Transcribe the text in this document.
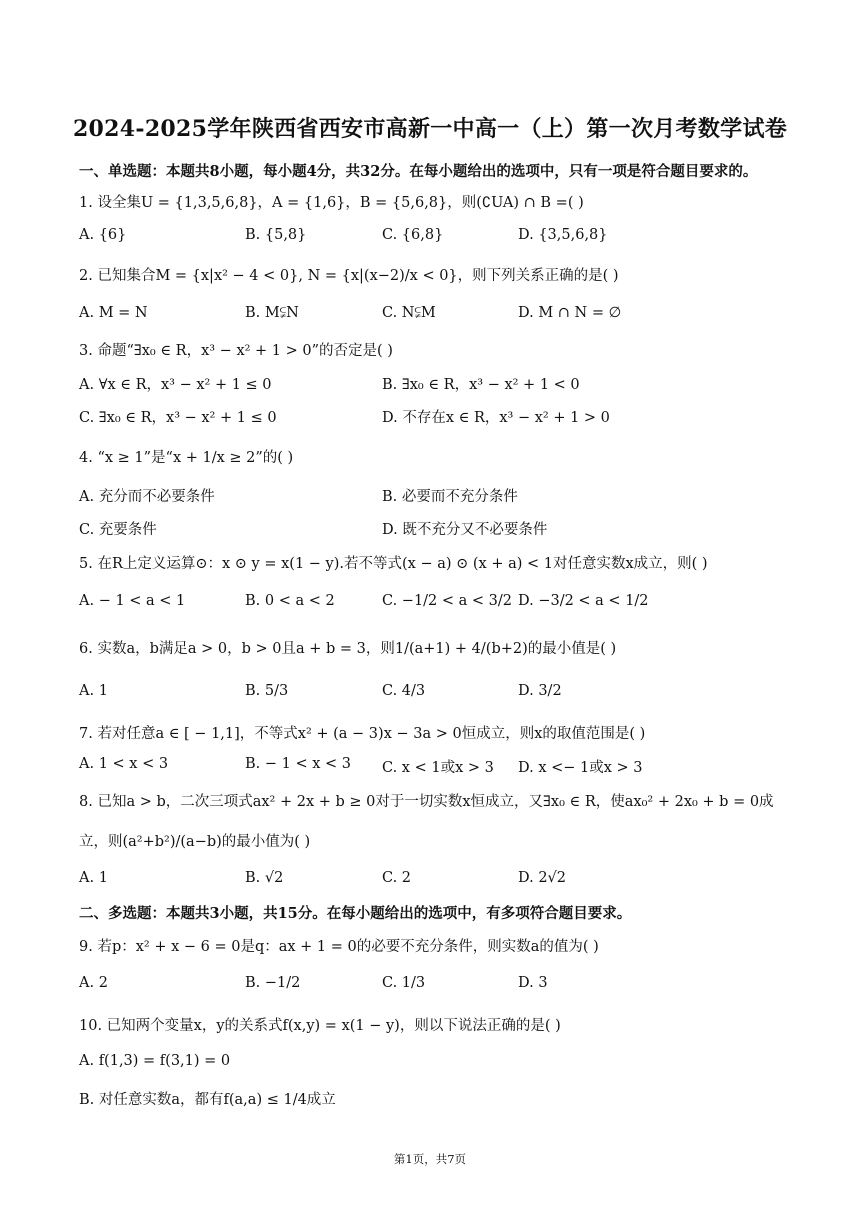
2024-2025学年陕西省西安市高新一中高一（上）第一次月考数学试卷
一、单选题：本题共8小题，每小题4分，共32分。在每小题给出的选项中，只有一项是符合题目要求的。
1. 设全集U = {1,3,5,6,8}，A = {1,6}，B = {5,6,8}，则(∁UA) ∩ B =( )
A. {6}	B. {5,8}	C. {6,8}	D. {3,5,6,8}
2. 已知集合M = {x|x² − 4 < 0}, N = {x|(x−2)/x < 0}，则下列关系正确的是( )
A. M = N	B. M⫋N	C. N⫋M	D. M ∩ N = ∅
3. 命题“∃x₀ ∈ R，x³ − x² + 1 > 0”的否定是( )
A. ∀x ∈ R，x³ − x² + 1 ≤ 0	B. ∃x₀ ∈ R，x³ − x² + 1 < 0
C. ∃x₀ ∈ R，x³ − x² + 1 ≤ 0	D. 不存在x ∈ R，x³ − x² + 1 > 0
4. “x ≥ 1”是“x + 1/x ≥ 2”的( )
A. 充分而不必要条件	B. 必要而不充分条件
C. 充要条件	D. 既不充分又不必要条件
5. 在R上定义运算⊙：x ⊙ y = x(1 − y).若不等式(x − a) ⊙ (x + a) < 1对任意实数x成立，则( )
A. − 1 < a < 1	B. 0 < a < 2	C. −1/2 < a < 3/2 D. −3/2 < a < 1/2
6. 实数a，b满足a > 0，b > 0且a + b = 3，则1/(a+1) + 4/(b+2)的最小值是( )
A. 1	B. 5/3	C. 4/3	D. 3/2
7. 若对任意a ∈ [ − 1,1]，不等式x² + (a − 3)x − 3a > 0恒成立，则x的取值范围是( )
A. 1 < x < 3	B. − 1 < x < 3 C. x < 1或x > 3 D. x <− 1或x > 3
8. 已知a > b，二次三项式ax² + 2x + b ≥ 0对于一切实数x恒成立，又∃x₀ ∈ R，使ax₀² + 2x₀ + b = 0成
立，则(a²+b²)/(a−b)的最小值为( )
A. 1	B. √2	C. 2	D. 2√2
二、多选题：本题共3小题，共15分。在每小题给出的选项中，有多项符合题目要求。
9. 若p：x² + x − 6 = 0是q：ax + 1 = 0的必要不充分条件，则实数a的值为( )
A. 2	B. −1/2	C. 1/3	D. 3
10. 已知两个变量x，y的关系式f(x,y) = x(1 − y)，则以下说法正确的是( )
A. f(1,3) = f(3,1) = 0
B. 对任意实数a，都有f(a,a) ≤ 1/4成立
第1页，共7页
